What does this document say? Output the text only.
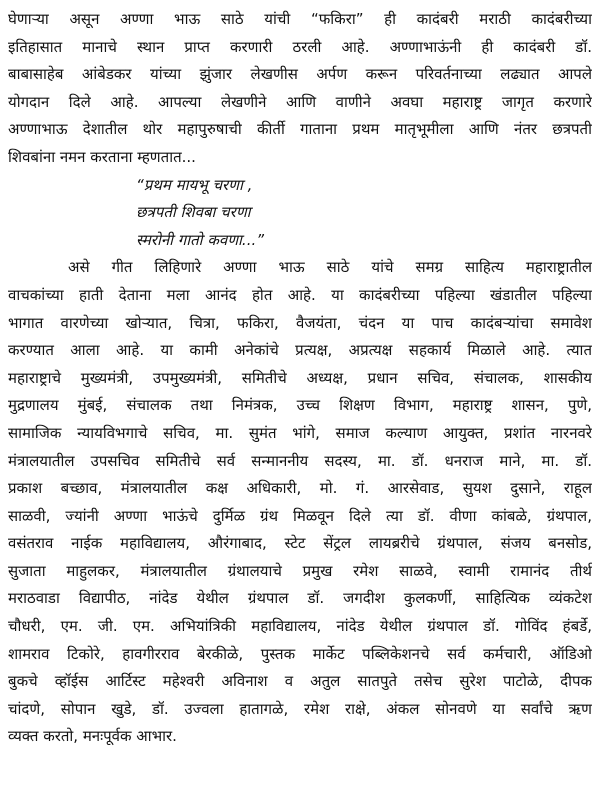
घेणाऱ्या असून अण्णा भाऊ साठे यांची “फकिरा” ही कादंबरी मराठी कादंबरीच्या
इतिहासात मानाचे स्थान प्राप्त करणारी ठरली आहे. अण्णाभाऊंनी ही कादंबरी डॉ.
बाबासाहेब आंबेडकर यांच्या झुंजार लेखणीस अर्पण करून परिवर्तनाच्या लढ्यात आपले
योगदान दिले आहे. आपल्या लेखणीने आणि वाणीने अवघा महाराष्ट्र जागृत करणारे
अण्णाभाऊ देशातील थोर महापुरुषाची कीर्ती गाताना प्रथम मातृभूमीला आणि नंतर छत्रपती
शिवबांना नमन करताना म्हणतात...
“प्रथम मायभू चरणा ,
छत्रपती शिवबा चरणा
स्मरोनी गातो कवणा...”
असे गीत लिहिणारे अण्णा भाऊ साठे यांचे समग्र साहित्य महाराष्ट्रातील
वाचकांच्या हाती देताना मला आनंद होत आहे. या कादंबरीच्या पहिल्या खंडातील पहिल्या
भागात वारणेच्या खोऱ्यात, चित्रा, फकिरा, वैजयंता, चंदन या पाच कादंबऱ्यांचा समावेश
करण्यात आला आहे. या कामी अनेकांचे प्रत्यक्ष, अप्रत्यक्ष सहकार्य मिळाले आहे. त्यात
महाराष्ट्राचे मुख्यमंत्री, उपमुख्यमंत्री, समितीचे अध्यक्ष, प्रधान सचिव, संचालक, शासकीय
मुद्रणालय मुंबई, संचालक तथा निमंत्रक, उच्च शिक्षण विभाग, महाराष्ट्र शासन, पुणे,
सामाजिक न्यायविभगाचे सचिव, मा. सुमंत भांगे, समाज कल्याण आयुक्त, प्रशांत नारनवरे
मंत्रालयातील उपसचिव समितीचे सर्व सन्माननीय सदस्य, मा. डॉ. धनराज माने, मा. डॉ.
प्रकाश बच्छाव, मंत्रालयातील कक्ष अधिकारी, मो. गं. आरसेवाड, सुयश दुसाने, राहूल
साळवी, ज्यांनी अण्णा भाऊंचे दुर्मिळ ग्रंथ मिळवून दिले त्या डॉ. वीणा कांबळे, ग्रंथपाल,
वसंतराव नाईक महाविद्यालय, औरंगाबाद, स्टेट सेंट्रल लायब्ररीचे ग्रंथपाल, संजय बनसोड,
सुजाता माहुलकर, मंत्रालयातील ग्रंथालयाचे प्रमुख रमेश साळवे, स्वामी रामानंद तीर्थ
मराठवाडा विद्यापीठ, नांदेड येथील ग्रंथपाल डॉ. जगदीश कुलकर्णी, साहित्यिक व्यंकटेश
चौधरी, एम. जी. एम. अभियांत्रिकी महाविद्यालय, नांदेड येथील ग्रंथपाल डॉ. गोविंद हंबर्डे,
शामराव टिकोरे, हावगीरराव बेरकीळे, पुस्तक मार्केट पब्लिकेशनचे सर्व कर्मचारी, ऑडिओ
बुकचे व्हॉईस आर्टिस्ट महेश्वरी अविनाश व अतुल सातपुते तसेच सुरेश पाटोळे, दीपक
चांदणे, सोपान खुडे, डॉ. उज्वला हातागळे, रमेश राक्षे, अंकल सोनवणे या सर्वांचे ऋण
व्यक्त करतो, मनःपूर्वक आभार.
